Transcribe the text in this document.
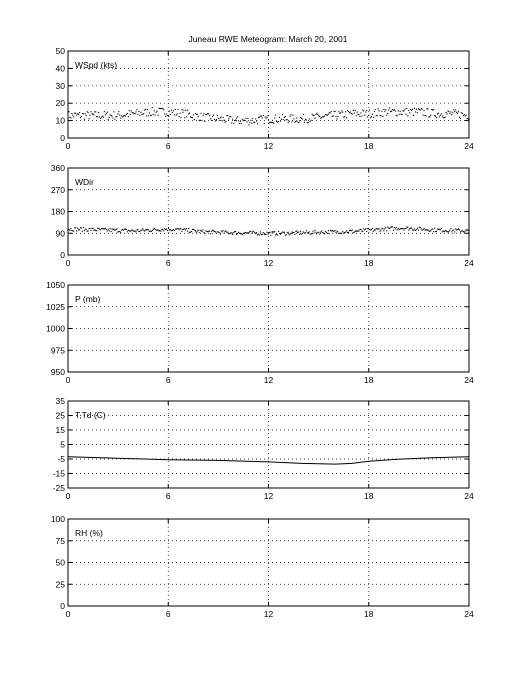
Juneau RWE Meteogram: March 20, 2001
0	6	12	18	24
0
10
20
30
40
50
WSpd (kts)
0	6	12	18	24
0
90
180
270
360
WDir
0	6	12	18	24
950
975
1000
1025
1050
P (mb)
0	6	12	18	24
-25
-15
-5
5
15
25
35
T,Td (C)
0	6	12	18	24
0
25
50
75
100
RH (%)
